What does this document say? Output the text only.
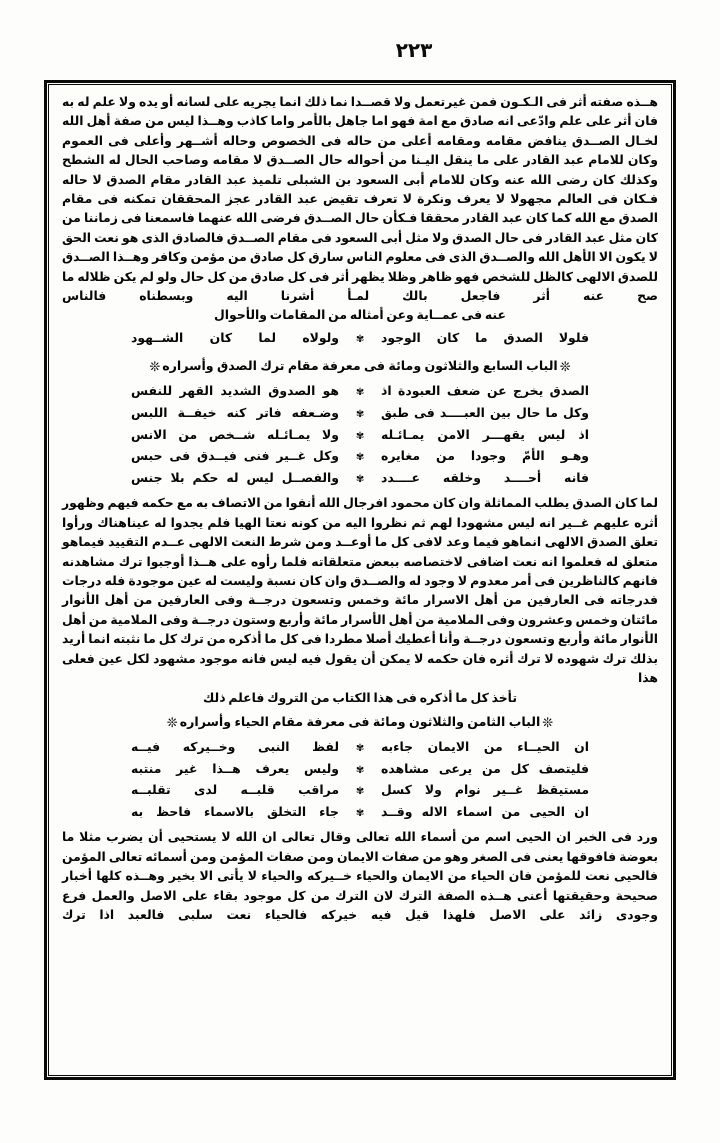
٢٢٣

هــذه صفته أثر فى الـكـون فمن غيرتعمل ولا قصــدا نما ذلك انما يجريه على لسانه أو يده ولا علم له به فان أثر على علم وادّعى انه صادق مع امة فهو اما جاهل بالأمر واما كاذب وهــذا ليس من صفة أهل الله لخـال الصــدق ينافض مقامه ومقامه أعلى من حاله فى الخصوص وحاله أشــهر وأعلى فى العموم وكان للامام عبد القادر على ما ينقل اليـنا من أحواله حال الصــدق لا مقامه وصاحب الحال له الشطح وكذلك كان رضى الله عنه وكان للامام أبى السعود بن الشبلى تلميذ عبد القادر مقام الصدق لا حاله فـكان فى العالم مجهولا لا يعرف ونكرة لا تعرف تقيض عبد القادر عجز المحققان تمكنه فى مقام الصدق مع الله كما كان عبد القادر محققا فـكأن حال الصــدق فرضى الله عنهما فاسمعنا فى زماننا من كان مثل عبد القادر فى حال الصدق ولا مثل أبى السعود فى مقام الصــدق فالصادق الذى هو نعت الحق لا يكون الا الأهل الله والصــدق الذى فى معلوم الناس سارق كل صادق من مؤمن وكافر وهــذا الصــدق للصدق الالهى كالظل للشخص فهو ظاهر وظلا يظهر أثر فى كل صادق من كل حال ولو لم يكن ظلاله ما صح عنه أثر فاجعل بالك لمـأ أشرنا اليه وبسطناه فالناس
عنه فى عمــاية وعن أمثاله من المقامات والأحوال

فلولا الصدق ما كان الوجود
✾
ولولاه لما كان الشــهود
❊الباب السابع والثلاثون ومائة فى معرفة مقام ترك الصدق وأسراره❊
الصدق يخرج عن ضعف العبودة اذ
✾
هو الصدوق الشديد القهر للنفس
وكل ما حال بين العبــــد فى طبق
✾
وضـعفه فاتر كنه خيفــة اللبس
اذ ليس يقهـــر الامن يمـائـله
✾
ولا يمـائـله شــخص من الانس
وهـو الأمّ وجودا من مغايره
✾
وكل غــير فنى فيــدق فى حبس
فانه أحــــد وخلقه عــــدد
✾
والفصــل ليس له حكم بلا جنس

لما كان الصدق يطلب المماثلة وان كان محمود افرجال الله أنفوا من الاتصاف به مع حكمه فيهم وظهور أثره عليهم غــير انه ليس مشهودا لهم ثم نظروا اليه من كونه نعتا الهيا فلم يجدوا له عيناهناك ورأوا تعلق الصدق الالهى انماهو فيما وعد لافى كل ما أوعــد ومن شرط النعت الالهى عــدم التقييد فيماهو متعلق له فعلموا انه نعت اضافى لاختصاصه ببعض متعلقاته فلما رأوه على هــذا أوجبوا ترك مشاهدنه فانهم كالناظرين فى أمر معدوم لا وجود له والصــدق وان كان نسبة وليست له عين موجودة فله درجات فدرجاته فى العارفين من أهل الاسرار مائة وخمس وتسعون درجــة وفى العارفين من أهل الأنوار مائتان وخمس وعشرون وفى الملامية من أهل الأسرار مائة وأربع وستون درجــة وفى الملامية من أهل الأنوار مائة وأربع وتسعون درجــة وأنا أعطيك أصلا مطردا فى كل ما أذكره من ترك كل ما نثبته انما أريد بذلك ترك شهوده لا ترك أثره فان حكمه لا يمكن أن يقول فيه ليس فانه موجود مشهود لكل عين فعلى هذا
تأخذ كل ما أذكره فى هذا الكتاب من التروك فاعلم ذلك

❊الباب الثامن والثلاثون ومائة فى معرفة مقام الحياء وأسراره❊
ان الحيــاء من الايمان جاءبه
✾
لفظ النبى وخــيركه فيــه
فليتصف كل من يرعى مشاهده
✾
وليس يعرف هــذا غير منتبه
مستيقظ غــير نوام ولا كسل
✾
مراقب قلبــه لدى تقلبــه
ان الحيى من اسماء الاله وقــد
✾
جاء التخلق بالاسماء فاحظ به

ورد فى الخبر ان الحيى اسم من أسماء الله تعالى وقال تعالى ان الله لا يستحيى أن يضرب مثلا ما بعوضة فافوقها يعنى فى الصغر وهو من صفات الايمان ومن صفات المؤمن ومن أسمائه تعالى المؤمن فالحيى نعت للمؤمن فان الحياء من الايمان والحياء خــيركه والحياء لا يأتى الا بخير وهــذه كلها أخبار صحيحة وحقيقتها أعنى هــذه الصفة الترك لان الترك من كل موجود بقاء على الاصل والعمل فرع وجودى زائد على الاصل فلهذا قيل فيه خيركه فالحياء نعت سلبى فالعبد اذا ترك
